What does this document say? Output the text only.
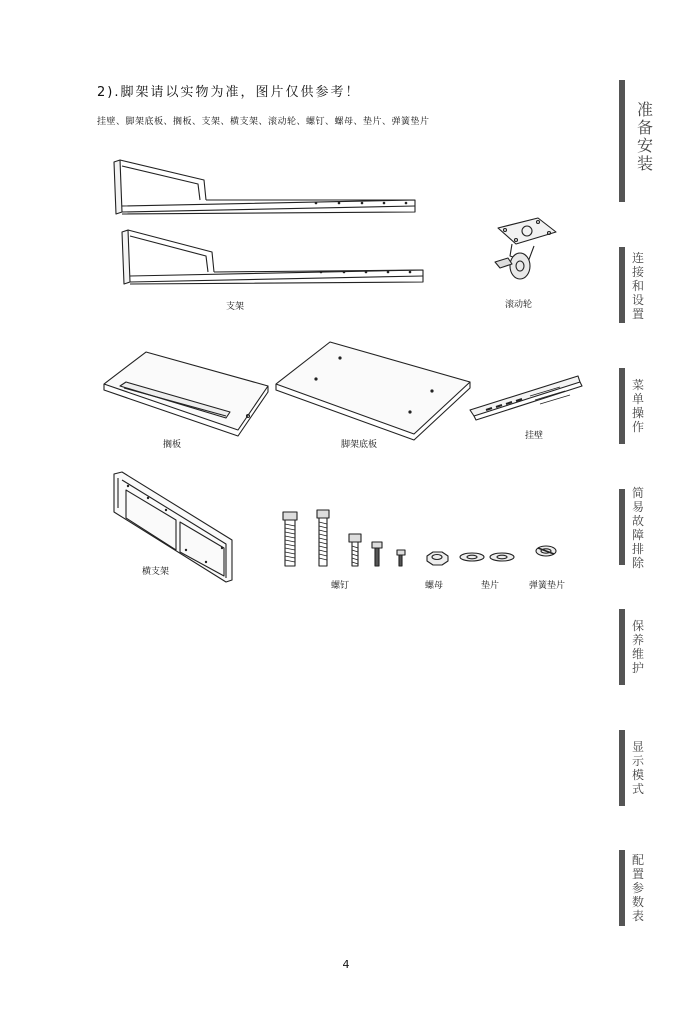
2).脚架请以实物为准，图片仅供参考！
挂壁、脚架底板、搁板、支架、横支架、滚动轮、螺钉、螺母、垫片、弹簧垫片
支架	滚动轮
搁板	脚架底板
挂壁
横支架
螺钉	螺母	垫片	弹簧垫片
准备安装
连接和设置
菜单操作
简易故障排除
保养维护
显示模式
配置参数表
4
